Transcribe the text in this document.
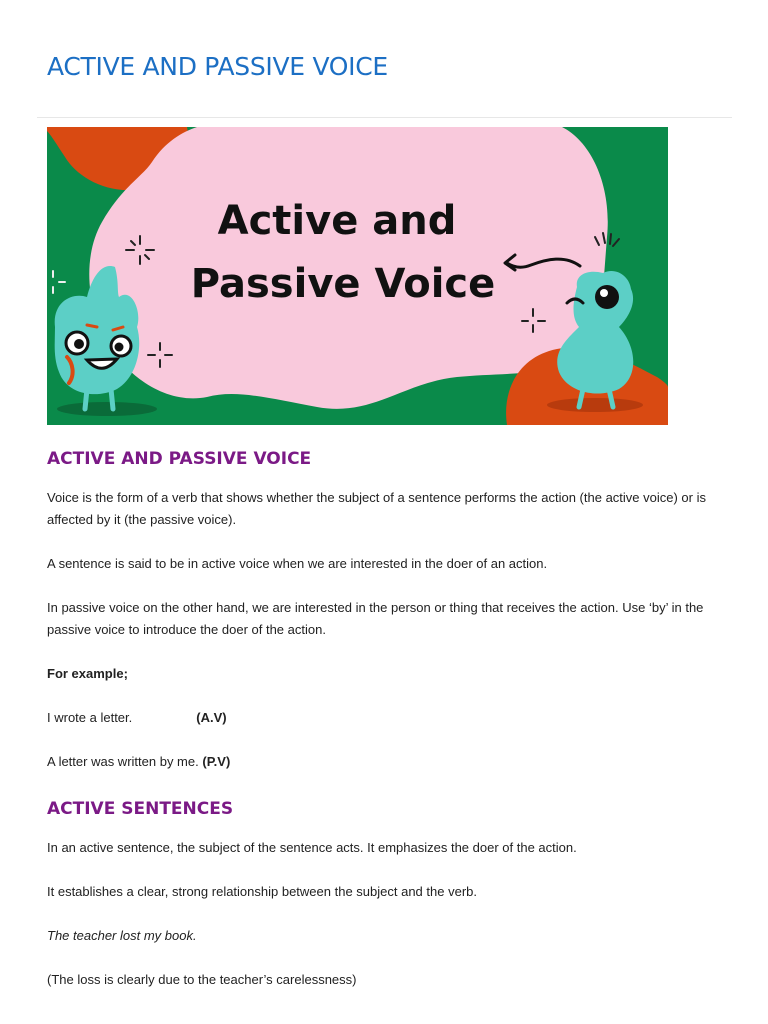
ACTIVE AND PASSIVE VOICE
Active and
Passive Voice
ACTIVE AND PASSIVE VOICE

Voice is the form of a verb that shows whether the subject of a sentence performs the action (the active voice) or is affected by it (the passive voice).

A sentence is said to be in active voice when we are interested in the doer of an action.

In passive voice on the other hand, we are interested in the person or thing that receives the action. Use ‘by’ in the passive voice to introduce the doer of the action.

For example;

I wrote a letter.	(A.V)

A letter was written by me. (P.V)

ACTIVE SENTENCES

In an active sentence, the subject of the sentence acts. It emphasizes the doer of the action.

It establishes a clear, strong relationship between the subject and the verb.

The teacher lost my book.

(The loss is clearly due to the teacher’s carelessness)
